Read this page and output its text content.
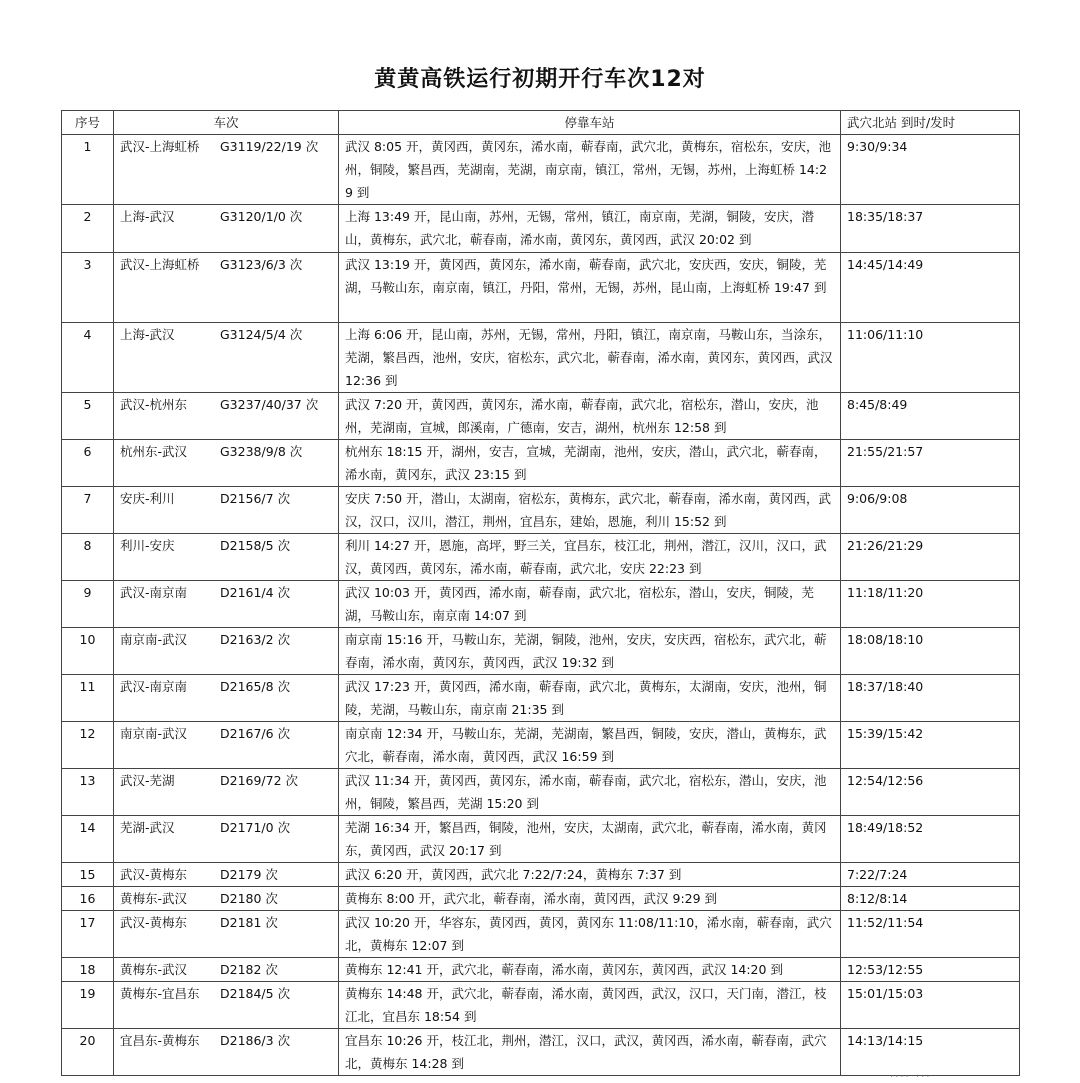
黄黄高铁运行初期开行车次12对
序号	车次	停靠车站	武穴北站 到时/发时
1	武汉-上海虹桥 G3119/22/19 次	武汉 8:05 开，黄冈西，黄冈东，浠水南，蕲春南，武穴北，黄梅东，宿松东，安庆，池州，铜陵，繁昌西，芜湖南，芜湖，南京南，镇江，常州，无锡，苏州，上海虹桥 14:29 到	9:30/9:34
2	上海-武汉 G3120/1/0 次	上海 13:49 开，昆山南，苏州，无锡，常州，镇江，南京南，芜湖，铜陵，安庆，潜山，黄梅东，武穴北，蕲春南，浠水南，黄冈东，黄冈西，武汉 20:02 到	18:35/18:37
3	武汉-上海虹桥 G3123/6/3 次	武汉 13:19 开，黄冈西，黄冈东，浠水南，蕲春南，武穴北，安庆西，安庆，铜陵，芜湖，马鞍山东，南京南，镇江，丹阳，常州，无锡，苏州，昆山南，上海虹桥 19:47 到	14:45/14:49
4	上海-武汉 G3124/5/4 次	上海 6:06 开，昆山南，苏州，无锡，常州，丹阳，镇江，南京南，马鞍山东，当涂东，芜湖，繁昌西，池州，安庆，宿松东，武穴北，蕲春南，浠水南，黄冈东，黄冈西，武汉 12:36 到	11:06/11:10
5	武汉-杭州东 G3237/40/37 次	武汉 7:20 开，黄冈西，黄冈东，浠水南，蕲春南，武穴北，宿松东，潜山，安庆，池州，芜湖南，宣城，郎溪南，广德南，安吉，湖州，杭州东 12:58 到	8:45/8:49
6	杭州东-武汉 G3238/9/8 次	杭州东 18:15 开，湖州，安吉，宣城，芜湖南，池州，安庆，潜山，武穴北，蕲春南，浠水南，黄冈东，武汉 23:15 到	21:55/21:57
7	安庆-利川 D2156/7 次	安庆 7:50 开，潜山，太湖南，宿松东，黄梅东，武穴北，蕲春南，浠水南，黄冈西，武汉，汉口，汉川，潜江，荆州，宜昌东，建始，恩施，利川 15:52 到	9:06/9:08
8	利川-安庆 D2158/5 次	利川 14:27 开，恩施，高坪，野三关，宜昌东，枝江北，荆州，潜江，汉川，汉口，武汉，黄冈西，黄冈东，浠水南，蕲春南，武穴北，安庆 22:23 到	21:26/21:29
9	武汉-南京南 D2161/4 次	武汉 10:03 开，黄冈西，浠水南，蕲春南，武穴北，宿松东，潜山，安庆，铜陵，芜湖，马鞍山东，南京南 14:07 到	11:18/11:20
10	南京南-武汉 D2163/2 次	南京南 15:16 开，马鞍山东，芜湖，铜陵，池州，安庆，安庆西，宿松东，武穴北，蕲春南，浠水南，黄冈东，黄冈西，武汉 19:32 到	18:08/18:10
11	武汉-南京南 D2165/8 次	武汉 17:23 开，黄冈西，浠水南，蕲春南，武穴北，黄梅东，太湖南，安庆，池州，铜陵，芜湖，马鞍山东，南京南 21:35 到	18:37/18:40
12	南京南-武汉 D2167/6 次	南京南 12:34 开，马鞍山东，芜湖，芜湖南，繁昌西，铜陵，安庆，潜山，黄梅东，武穴北，蕲春南，浠水南，黄冈西，武汉 16:59 到	15:39/15:42
13	武汉-芜湖 D2169/72 次	武汉 11:34 开，黄冈西，黄冈东，浠水南，蕲春南，武穴北，宿松东，潜山，安庆，池州，铜陵，繁昌西，芜湖 15:20 到	12:54/12:56
14	芜湖-武汉 D2171/0 次	芜湖 16:34 开，繁昌西，铜陵，池州，安庆，太湖南，武穴北，蕲春南，浠水南，黄冈东，黄冈西，武汉 20:17 到	18:49/18:52
15	武汉-黄梅东 D2179 次	武汉 6:20 开，黄冈西，武穴北 7:22/7:24，黄梅东 7:37 到	7:22/7:24
16	黄梅东-武汉 D2180 次	黄梅东 8:00 开，武穴北，蕲春南，浠水南，黄冈西，武汉 9:29 到	8:12/8:14
17	武汉-黄梅东 D2181 次	武汉 10:20 开，华容东，黄冈西，黄冈，黄冈东 11:08/11:10，浠水南，蕲春南，武穴北，黄梅东 12:07 到	11:52/11:54
18	黄梅东-武汉 D2182 次	黄梅东 12:41 开，武穴北，蕲春南，浠水南，黄冈东，黄冈西，武汉 14:20 到	12:53/12:55
19	黄梅东-宜昌东 D2184/5 次	黄梅东 14:48 开，武穴北，蕲春南，浠水南，黄冈西，武汉，汉口，天门南，潜江，枝江北，宜昌东 18:54 到	15:01/15:03
20	宜昌东-黄梅东 D2186/3 次	宜昌东 10:26 开，枝江北，荆州，潜江，汉口，武汉，黄冈西，浠水南，蕲春南，武穴北，黄梅东 14:28 到	14:13/14:15
···· ···
